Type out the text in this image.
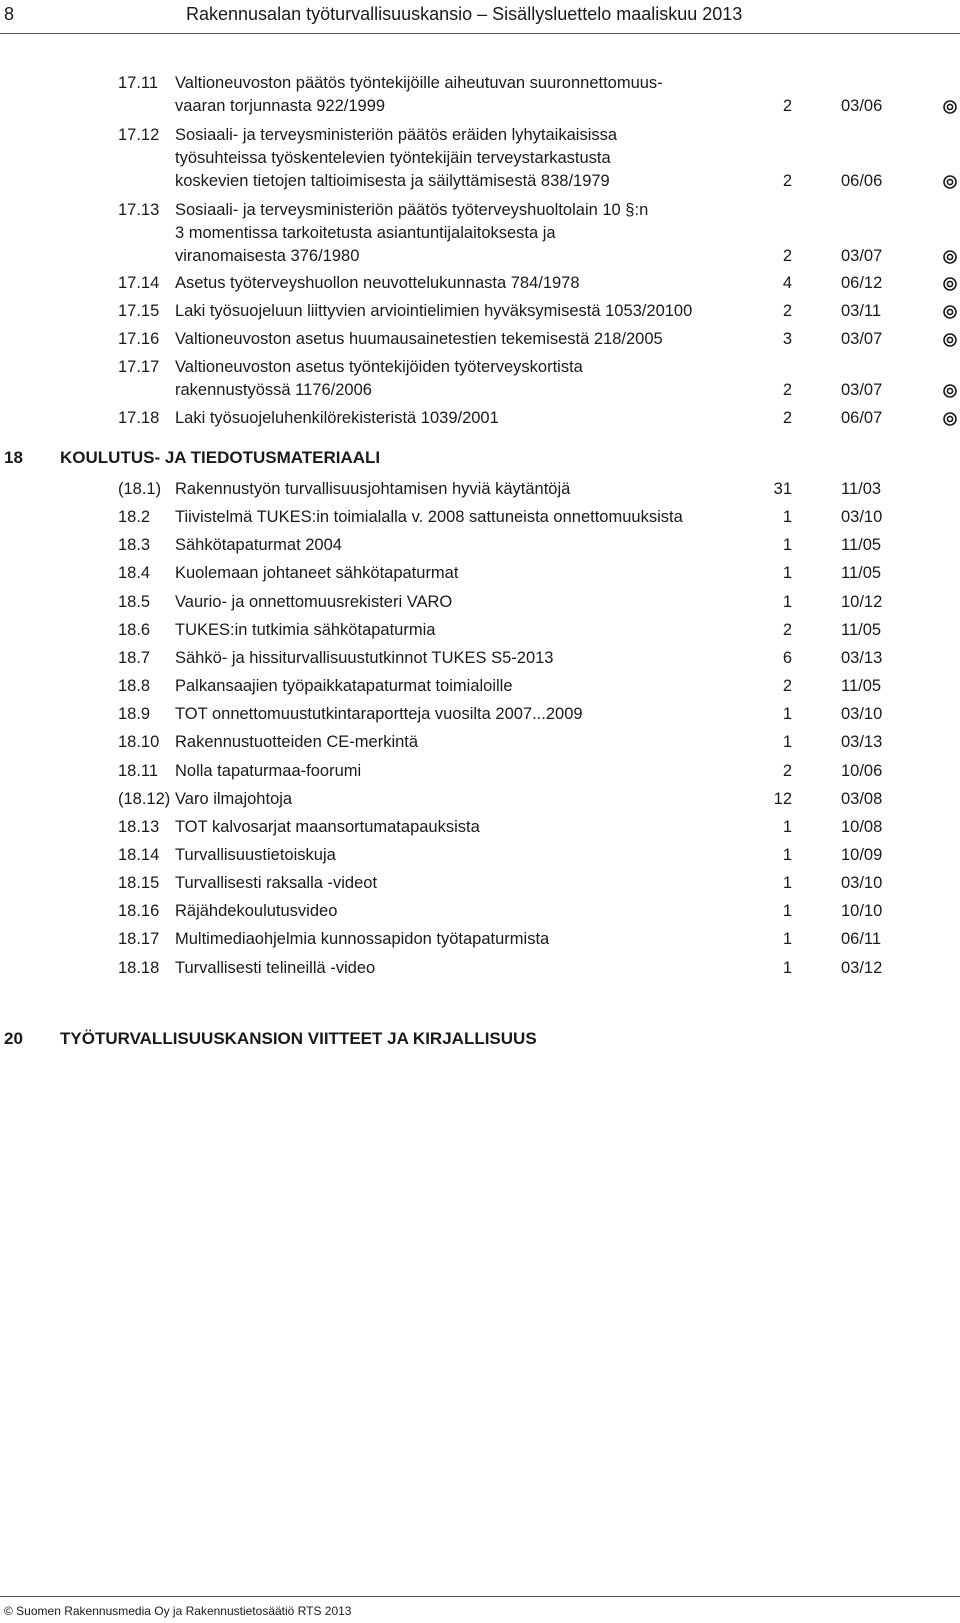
8	Rakennusalan työturvallisuuskansio – Sisällysluettelo maaliskuu 2013
17.11 Valtioneuvoston päätös työntekijöille aiheutuvan suuronnettomuus-
vaaran torjunnasta 922/1999	2	03/06
17.12 Sosiaali- ja terveysministeriön päätös eräiden lyhytaikaisissa
työsuhteissa työskentelevien työntekijäin terveystarkastusta
koskevien tietojen taltioimisesta ja säilyttämisestä 838/1979	2	06/06
17.13 Sosiaali- ja terveysministeriön päätös työterveyshuoltolain 10 §:n
3 momentissa tarkoitetusta asiantuntijalaitoksesta ja
viranomaisesta 376/1980	2	03/07
17.14 Asetus työterveyshuollon neuvottelukunnasta 784/1978	4	06/12
17.15 Laki työsuojeluun liittyvien arviointielimien hyväksymisestä 1053/20100	2	03/11
17.16 Valtioneuvoston asetus huumausainetestien tekemisestä 218/2005	3	03/07
17.17 Valtioneuvoston asetus työntekijöiden työterveyskortista
rakennustyössä 1176/2006	2	03/07
17.18 Laki työsuojeluhenkilörekisteristä 1039/2001	2	06/07
(18.1) Rakennustyön turvallisuusjohtamisen hyviä käytäntöjä	31	11/03
18.2 Tiivistelmä TUKES:in toimialalla v. 2008 sattuneista onnettomuuksista	1	03/10
18.3 Sähkötapaturmat 2004	1	11/05
18.4 Kuolemaan johtaneet sähkötapaturmat	1	11/05
18.5 Vaurio- ja onnettomuusrekisteri VARO	1	10/12
18.6 TUKES:in tutkimia sähkötapaturmia	2	11/05
18.7 Sähkö- ja hissiturvallisuustutkinnot TUKES S5-2013	6	03/13
18.8 Palkansaajien työpaikkatapaturmat toimialoille	2	11/05
18.9 TOT onnettomuustutkintaraportteja vuosilta 2007...2009	1	03/10
18.10 Rakennustuotteiden CE-merkintä	1	03/13
18.11 Nolla tapaturmaa-foorumi	2	10/06
(18.12) Varo ilmajohtoja	12	03/08
18.13 TOT kalvosarjat maansortumatapauksista	1	10/08
18.14 Turvallisuustietoiskuja	1	10/09
18.15 Turvallisesti raksalla -videot	1	03/10
18.16 Räjähdekoulutusvideo	1	10/10
18.17 Multimediaohjelmia kunnossapidon työtapaturmista	1	06/11
18.18 Turvallisesti telineillä -video	1	03/12
18 KOULUTUS- JA TIEDOTUSMATERIAALI
20 TYÖTURVALLISUUSKANSION VIITTEET JA KIRJALLISUUS
© Suomen Rakennusmedia Oy ja Rakennustietosäätiö RTS 2013
